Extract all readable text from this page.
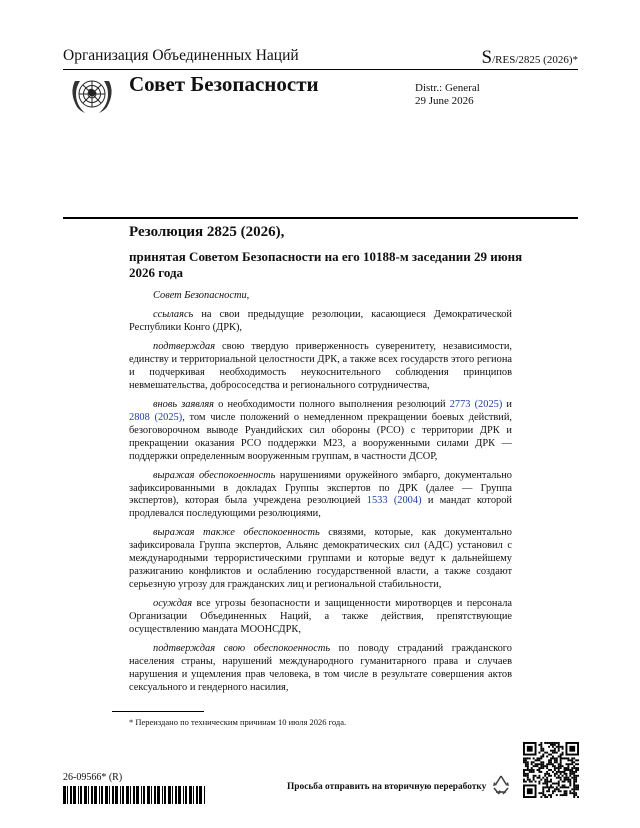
Организация Объединенных Наций	S/RES/2825 (2026)*
Совет Безопасности	Distr.: General
29 June 2026
Резолюция 2825 (2026),
принятая Советом Безопасности на его 10188-м заседании 29 июня 2026 года

Совет Безопасности,

ссылаясь на свои предыдущие резолюции, касающиеся Демократической Республики Конго (ДРК),

подтверждая свою твердую приверженность суверенитету, независимости, единству и территориальной целостности ДРК, а также всех государств этого региона и подчеркивая необходимость неукоснительного соблюдения принципов невмешательства, добрососедства и регионального сотрудничества,

вновь заявляя о необходимости полного выполнения резолюций 2773 (2025) и 2808 (2025), том числе положений о немедленном прекращении боевых действий, безоговорочном выводе Руандийских сил обороны (РСО) с территории ДРК и прекращении оказания РСО поддержки М23, а вооруженными силами ДРК — поддержки определенным вооруженным группам, в частности ДСОР,

выражая обеспокоенность нарушениями оружейного эмбарго, документально зафиксированными в докладах Группы экспертов по ДРК (далее — Группа экспертов), которая была учреждена резолюцией 1533 (2004) и мандат которой продлевался последующими резолюциями,

выражая также обеспокоенность связями, которые, как документально зафиксировала Группа экспертов, Альянс демократических сил (АДС) установил с международными террористическими группами и которые ведут к дальнейшему разжиганию конфликтов и ослаблению государственной власти, а также создают серьезную угрозу для гражданских лиц и региональной стабильности,

осуждая все угрозы безопасности и защищенности миротворцев и персонала Организации Объединенных Наций, а также действия, препятствующие осуществлению мандата МООНСДРК,

подтверждая свою обеспокоенность по поводу страданий гражданского населения страны, нарушений международного гуманитарного права и случаев нарушения и ущемления прав человека, в том числе в результате совершения актов сексуального и гендерного насилия,

* Переиздано по техническим причинам 10 июля 2026 года.
26-09566* (R)
Просьба отправить на вторичную переработку
